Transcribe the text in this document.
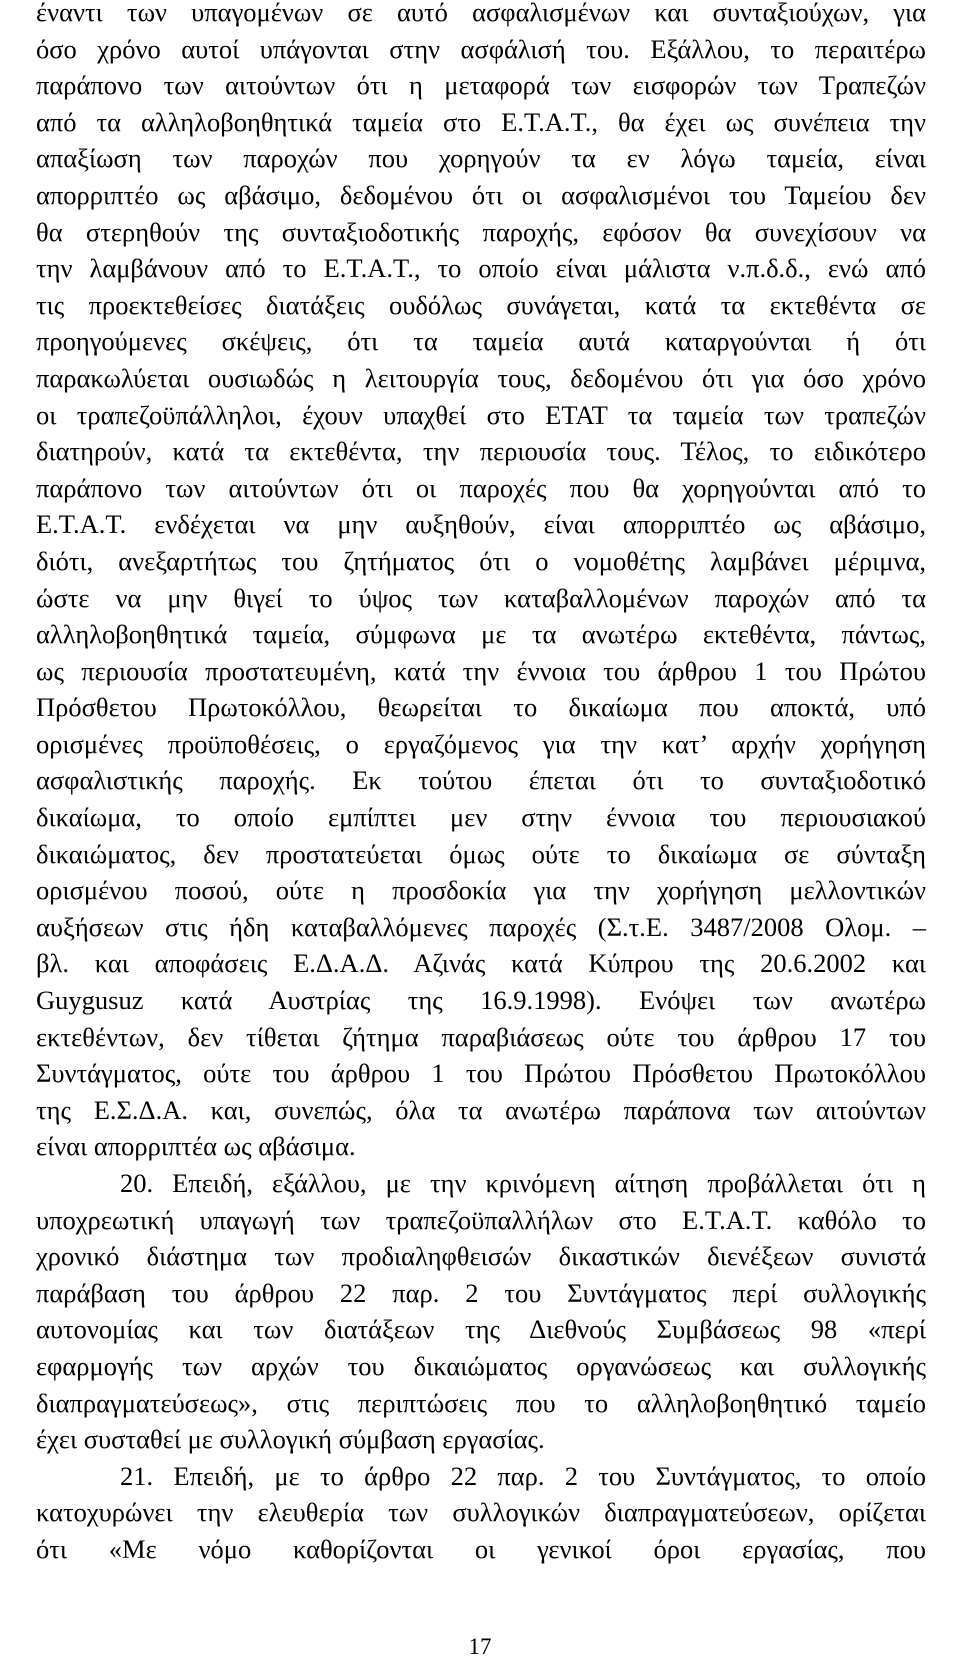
έναντι των υπαγομένων σε αυτό ασφαλισμένων και συνταξιούχων, για
όσο χρόνο αυτοί υπάγονται στην ασφάλισή του. Εξάλλου, το περαιτέρω
παράπονο των αιτούντων ότι η μεταφορά των εισφορών των Τραπεζών
από τα αλληλοβοηθητικά ταμεία στο Ε.Τ.Α.Τ., θα έχει ως συνέπεια την
απαξίωση των παροχών που χορηγούν τα εν λόγω ταμεία, είναι
απορριπτέο ως αβάσιμο, δεδομένου ότι οι ασφαλισμένοι του Ταμείου δεν
θα στερηθούν της συνταξιοδοτικής παροχής, εφόσον θα συνεχίσουν να
την λαμβάνουν από το Ε.Τ.Α.Τ., το οποίο είναι μάλιστα ν.π.δ.δ., ενώ από
τις προεκτεθείσες διατάξεις ουδόλως συνάγεται, κατά τα εκτεθέντα σε
προηγούμενες σκέψεις, ότι τα ταμεία αυτά καταργούνται ή ότι
παρακωλύεται ουσιωδώς η λειτουργία τους, δεδομένου ότι για όσο χρόνο
οι τραπεζοϋπάλληλοι, έχουν υπαχθεί στο ΕΤΑΤ τα ταμεία των τραπεζών
διατηρούν, κατά τα εκτεθέντα, την περιουσία τους. Τέλος, το ειδικότερο
παράπονο των αιτούντων ότι οι παροχές που θα χορηγούνται από το
Ε.Τ.Α.Τ. ενδέχεται να μην αυξηθούν, είναι απορριπτέο ως αβάσιμο,
διότι, ανεξαρτήτως του ζητήματος ότι ο νομοθέτης λαμβάνει μέριμνα,
ώστε να μην θιγεί το ύψος των καταβαλλομένων παροχών από τα
αλληλοβοηθητικά ταμεία, σύμφωνα με τα ανωτέρω εκτεθέντα, πάντως,
ως περιουσία προστατευμένη, κατά την έννοια του άρθρου 1 του Πρώτου
Πρόσθετου Πρωτοκόλλου, θεωρείται το δικαίωμα που αποκτά, υπό
ορισμένες προϋποθέσεις, ο εργαζόμενος για την κατ’ αρχήν χορήγηση
ασφαλιστικής παροχής. Εκ τούτου έπεται ότι το συνταξιοδοτικό
δικαίωμα, το οποίο εμπίπτει μεν στην έννοια του περιουσιακού
δικαιώματος, δεν προστατεύεται όμως ούτε το δικαίωμα σε σύνταξη
ορισμένου ποσού, ούτε η προσδοκία για την χορήγηση μελλοντικών
αυξήσεων στις ήδη καταβαλλόμενες παροχές (Σ.τ.Ε. 3487/2008 Ολομ. –
βλ. και αποφάσεις Ε.Δ.Α.Δ. Αζινάς κατά Κύπρου της 20.6.2002 και
Guygusuz κατά Αυστρίας της 16.9.1998). Ενόψει των ανωτέρω
εκτεθέντων, δεν τίθεται ζήτημα παραβιάσεως ούτε του άρθρου 17 του
Συντάγματος, ούτε του άρθρου 1 του Πρώτου Πρόσθετου Πρωτοκόλλου
της Ε.Σ.Δ.Α. και, συνεπώς, όλα τα ανωτέρω παράπονα των αιτούντων
είναι απορριπτέα ως αβάσιμα.
20. Επειδή, εξάλλου, με την κρινόμενη αίτηση προβάλλεται ότι η
υποχρεωτική υπαγωγή των τραπεζοϋπαλλήλων στο Ε.Τ.Α.Τ. καθόλο το
χρονικό διάστημα των προδιαληφθεισών δικαστικών διενέξεων συνιστά
παράβαση του άρθρου 22 παρ. 2 του Συντάγματος περί συλλογικής
αυτονομίας και των διατάξεων της Διεθνούς Συμβάσεως 98 «περί
εφαρμογής των αρχών του δικαιώματος οργανώσεως και συλλογικής
διαπραγματεύσεως», στις περιπτώσεις που το αλληλοβοηθητικό ταμείο
έχει συσταθεί με συλλογική σύμβαση εργασίας.
21. Επειδή, με το άρθρο 22 παρ. 2 του Συντάγματος, το οποίο
κατοχυρώνει την ελευθερία των συλλογικών διαπραγματεύσεων, ορίζεται
ότι «Με νόμο καθορίζονται οι γενικοί όροι εργασίας, που
17
